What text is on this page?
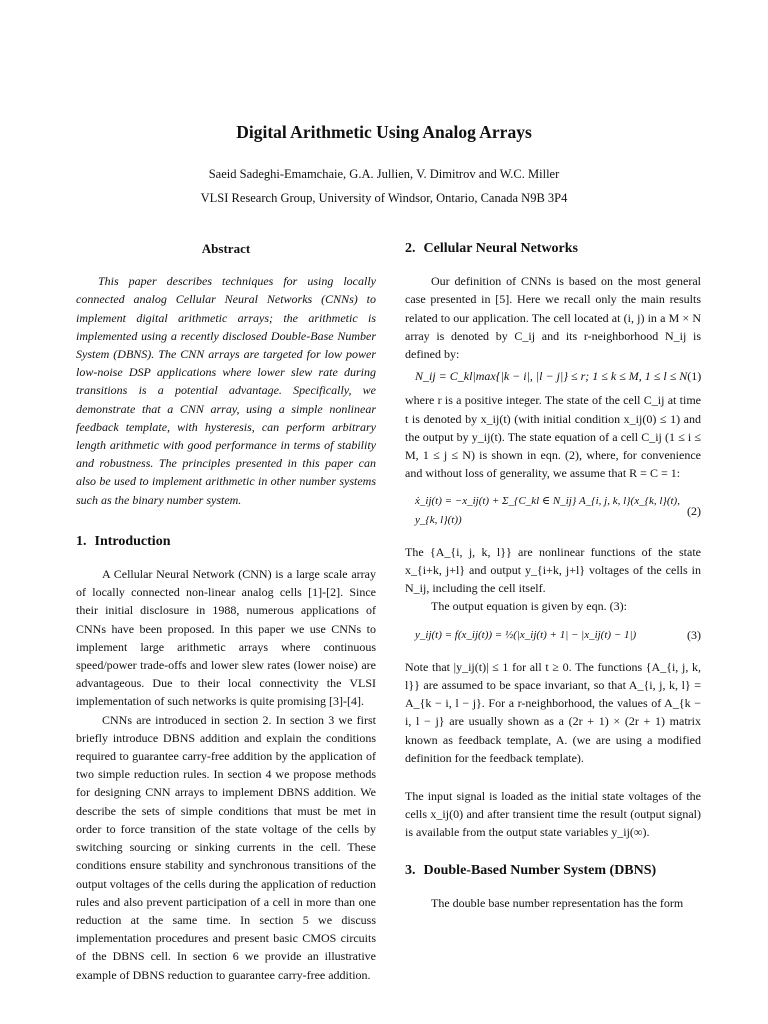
Digital Arithmetic Using Analog Arrays
Saeid Sadeghi-Emamchaie, G.A. Jullien, V. Dimitrov and W.C. Miller
VLSI Research Group, University of Windsor, Ontario, Canada N9B 3P4
Abstract

This paper describes techniques for using locally connected analog Cellular Neural Networks (CNNs) to implement digital arithmetic arrays; the arithmetic is implemented using a recently disclosed Double-Base Number System (DBNS). The CNN arrays are targeted for low power low-noise DSP applications where lower slew rate during transitions is a potential advantage. Specifically, we demonstrate that a CNN array, using a simple nonlinear feedback template, with hysteresis, can perform arbitrary length arithmetic with good performance in terms of stability and robustness. The principles presented in this paper can also be used to implement arithmetic in other number systems such as the binary number system.

1. Introduction

A Cellular Neural Network (CNN) is a large scale array of locally connected non-linear analog cells [1]-[2]. Since their initial disclosure in 1988, numerous applications of CNNs have been proposed. In this paper we use CNNs to implement large arithmetic arrays where continuous speed/power trade-offs and lower slew rates (lower noise) are advantageous. Due to their local connectivity the VLSI implementation of such networks is quite promising [3]-[4].

CNNs are introduced in section 2. In section 3 we first briefly introduce DBNS addition and explain the conditions required to guarantee carry-free addition by the application of two simple reduction rules. In section 4 we propose methods for designing CNN arrays to implement DBNS addition. We describe the sets of simple conditions that must be met in order to force transition of the state voltage of the cells by switching sourcing or sinking currents in the cell. These conditions ensure stability and synchronous transitions of the output voltages of the cells during the application of reduction rules and also prevent participation of a cell in more than one reduction at the same time. In section 5 we discuss implementation procedures and present basic CMOS circuits of the DBNS cell. In section 6 we provide an illustrative example of DBNS reduction to guarantee carry-free addition.

2. Cellular Neural Networks

Our definition of CNNs is based on the most general case presented in [5]. Here we recall only the main results related to our application. The cell located at (i, j) in a M × N array is denoted by C_ij and its r-neighborhood N_ij is defined by:

N_ij = C_kl|max{|k − i|, |l − j|} ≤ r; 1 ≤ k ≤ M, 1 ≤ l ≤ N (1)

where r is a positive integer. The state of the cell C_ij at time t is denoted by x_ij(t) (with initial condition x_ij(0) ≤ 1) and the output by y_ij(t). The state equation of a cell C_ij (1 ≤ i ≤ M, 1 ≤ j ≤ N) is shown in eqn. (2), where, for convenience and without loss of generality, we assume that R = C = 1:

ẋ_ij(t) = −x_ij(t) + Σ_{C_kl ∈ N_ij} A_{i, j, k, l}(x_{k, l}(t), y_{k, l}(t))
(2)

The {A_{i, j, k, l}} are nonlinear functions of the state x_{i+k, j+l} and output y_{i+k, j+l} voltages of the cells in N_ij, including the cell itself.

The output equation is given by eqn. (3):

y_ij(t) = f(x_ij(t)) = ½(|x_ij(t) + 1| − |x_ij(t) − 1|)	(3)

Note that |y_ij(t)| ≤ 1 for all t ≥ 0. The functions {A_{i, j, k, l}} are assumed to be space invariant, so that A_{i, j, k, l} = A_{k − i, l − j}. For a r-neighborhood, the values of A_{k − i, l − j} are usually shown as a (2r + 1) × (2r + 1) matrix known as feedback template, A. (we are using a modified definition for the feedback template).

The input signal is loaded as the initial state voltages of the cells x_ij(0) and after transient time the result (output signal) is available from the output state variables y_ij(∞).

3. Double-Based Number System (DBNS)

The double base number representation has the form
